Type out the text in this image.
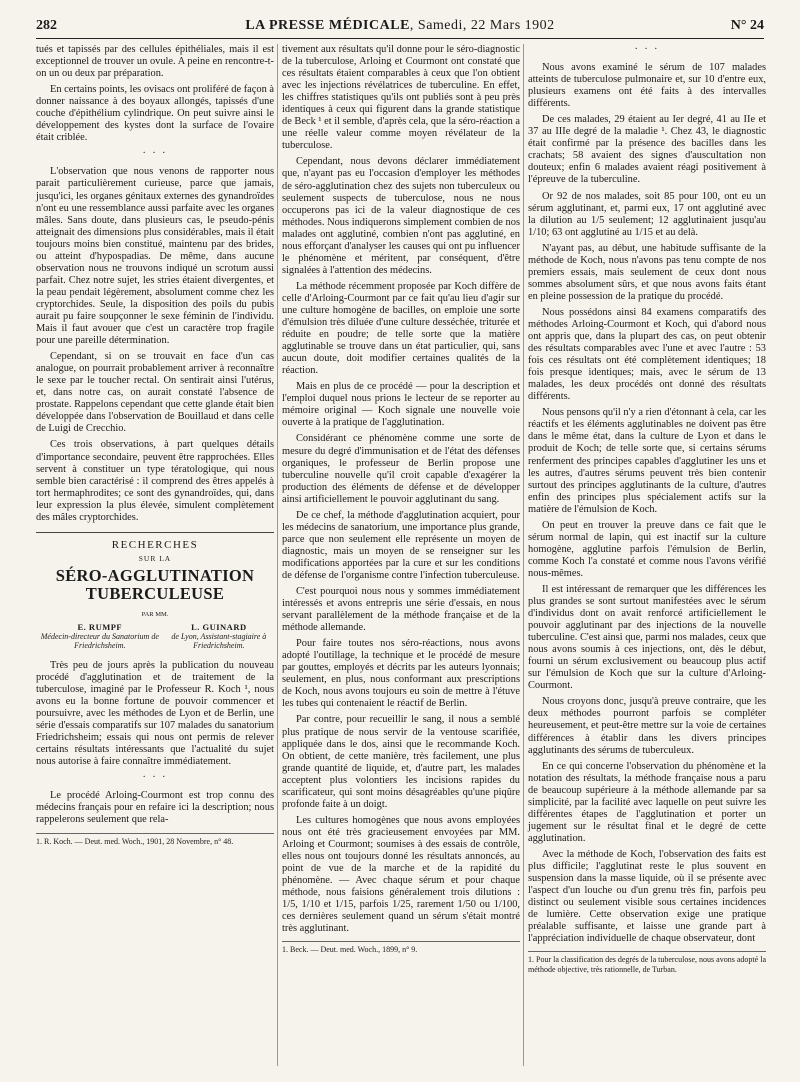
282	LA PRESSE MÉDICALE, Samedi, 22 Mars 1902	N° 24

tués et tapissés par des cellules épithéliales, mais il est exceptionnel de trouver un ovule. A peine en rencontre-t-on un ou deux par préparation.

En certains points, les ovisacs ont proliféré de façon à donner naissance à des boyaux allongés, tapissés d'une couche d'épithélium cylindrique. On peut suivre ainsi le développement des kystes dont la surface de l'ovaire était criblée.

· · ·

L'observation que nous venons de rapporter nous parait particulièrement curieuse, parce que jamais, jusqu'ici, les organes génitaux externes des gynandroïdes n'ont eu une ressemblance aussi parfaite avec les organes mâles. Sans doute, dans plusieurs cas, le pseudo-pénis atteignait des dimensions plus considérables, mais il était toujours moins bien constitué, maintenu par des brides, ou atteint d'hypospadias. De même, dans aucune observation nous ne trouvons indiqué un scrotum aussi parfait. Chez notre sujet, les stries étaient divergentes, et la peau pendait légèrement, absolument comme chez les cryptorchides. Seule, la disposition des poils du pubis aurait pu faire soupçonner le sexe féminin de l'individu. Mais il faut avouer que c'est un caractère trop fragile pour une pareille détermination.

Cependant, si on se trouvait en face d'un cas analogue, on pourrait probablement arriver à reconnaître le sexe par le toucher rectal. On sentirait ainsi l'utérus, et, dans notre cas, on aurait constaté l'absence de prostate. Rappelons cependant que cette glande était bien développée dans l'observation de Bouillaud et dans celle de Luigi de Crecchio.

Ces trois observations, à part quelques détails d'importance secondaire, peuvent être rapprochées. Elles servent à constituer un type tératologique, qui nous semble bien caractérisé : il comprend des êtres appelés à tort hermaphrodites; ce sont des gynandroïdes, qui, dans leur expression la plus élevée, simulent complètement des mâles cryptorchides.

RECHERCHES
SUR LA
SÉRO-AGGLUTINATION TUBERCULEUSE
PAR MM.
E. RUMPF
Médecin-directeur du Sanatorium de Friedrichsheim.
L. GUINARD
de Lyon, Assistant-stagiaire à Friedrichsheim.

Très peu de jours après la publication du nouveau procédé d'agglutination et de traitement de la tuberculose, imaginé par le Professeur R. Koch ¹, nous avons eu la bonne fortune de pouvoir commencer et poursuivre, avec les méthodes de Lyon et de Berlin, une série d'essais comparatifs sur 107 malades du sanatorium Friedrichsheim; essais qui nous ont permis de relever certains résultats intéressants que l'actualité du sujet nous autorise à faire connaître immédiatement.

· · ·

Le procédé Arloing-Courmont est trop connu des médecins français pour en refaire ici la description; nous rappelerons seulement que rela-

1. R. Koch. — Deut. med. Woch., 1901, 28 Novembre, n° 48.

tivement aux résultats qu'il donne pour le séro-diagnostic de la tuberculose, Arloing et Courmont ont constaté que ces résultats étaient comparables à ceux que l'on obtient avec les injections révélatrices de tuberculine. En effet, les chiffres statistiques qu'ils ont publiés sont à peu près identiques à ceux qui figurent dans la grande statistique de Beck ¹ et il semble, d'après cela, que la séro-réaction a une réelle valeur comme moyen révélateur de la tuberculose.

Cependant, nous devons déclarer immédiatement que, n'ayant pas eu l'occasion d'employer les méthodes de séro-agglutination chez des sujets non tuberculeux ou seulement suspects de tuberculose, nous ne nous occuperons pas ici de la valeur diagnostique de ces méthodes. Nous indiquerons simplement combien de nos malades ont agglutiné, combien n'ont pas agglutiné, en nous efforçant d'analyser les causes qui ont pu influencer le phénomène et méritent, par conséquent, d'être signalées à l'attention des médecins.

La méthode récemment proposée par Koch diffère de celle d'Arloing-Courmont par ce fait qu'au lieu d'agir sur une culture homogène de bacilles, on emploie une sorte d'émulsion très diluée d'une culture desséchée, triturée et réduite en poudre; de telle sorte que la matière agglutinable se trouve dans un état particulier, qui, sans aucun doute, doit modifier certaines qualités de la réaction.

Mais en plus de ce procédé — pour la description et l'emploi duquel nous prions le lecteur de se reporter au mémoire original — Koch signale une nouvelle voie ouverte à la pratique de l'agglutination.

Considérant ce phénomène comme une sorte de mesure du degré d'immunisation et de l'état des défenses organiques, le professeur de Berlin propose une tuberculine nouvelle qu'il croit capable d'exagérer la production des éléments de défense et de développer ainsi artificiellement le pouvoir agglutinant du sang.

De ce chef, la méthode d'agglutination acquiert, pour les médecins de sanatorium, une importance plus grande, parce que non seulement elle représente un moyen de diagnostic, mais un moyen de se renseigner sur les modifications apportées par la cure et sur les conditions de défense de l'organisme contre l'infection tuberculeuse.

C'est pourquoi nous nous y sommes immédiatement intéressés et avons entrepris une série d'essais, en nous servant parallèlement de la méthode française et de la méthode allemande.

Pour faire toutes nos séro-réactions, nous avons adopté l'outillage, la technique et le procédé de mesure par gouttes, employés et décrits par les auteurs lyonnais; seulement, en plus, nous conformant aux prescriptions de Koch, nous avons toujours eu soin de mettre à l'étuve les tubes qui contenaient le réactif de Berlin.

Par contre, pour recueillir le sang, il nous a semblé plus pratique de nous servir de la ventouse scarifiée, appliquée dans le dos, ainsi que le recommande Koch. On obtient, de cette manière, très facilement, une plus grande quantité de liquide, et, d'autre part, les malades acceptent plus volontiers les incisions rapides du scarificateur, qui sont moins désagréables qu'une piqûre profonde faite à un doigt.

Les cultures homogènes que nous avons employées nous ont été très gracieusement envoyées par MM. Arloing et Courmont; soumises à des essais de contrôle, elles nous ont toujours donné les résultats annoncés, au point de vue de la marche et de la rapidité du phénomène. — Avec chaque sérum et pour chaque méthode, nous faisions généralement trois dilutions : 1/5, 1/10 et 1/15, parfois 1/25, rarement 1/50 ou 1/100, ces dernières seulement quand un sérum s'était montré très agglutinant.

1. Beck. — Deut. med. Woch., 1899, n° 9.

· · ·

Nous avons examiné le sérum de 107 malades atteints de tuberculose pulmonaire et, sur 10 d'entre eux, plusieurs examens ont été faits à des intervalles différents.

De ces malades, 29 étaient au Ier degré, 41 au IIe et 37 au IIIe degré de la maladie ¹. Chez 43, le diagnostic était confirmé par la présence des bacilles dans les crachats; 58 avaient des signes d'auscultation non douteux; enfin 6 malades avaient réagi positivement à l'épreuve de la tuberculine.

Or 92 de nos malades, soit 85 pour 100, ont eu un sérum agglutinant, et, parmi eux, 17 ont agglutiné avec la dilution au 1/5 seulement; 12 agglutinaient jusqu'au 1/10; 63 ont agglutiné au 1/15 et au delà.

N'ayant pas, au début, une habitude suffisante de la méthode de Koch, nous n'avons pas tenu compte de nos premiers essais, mais seulement de ceux dont nous sommes absolument sûrs, et que nous avons faits étant en pleine possession de la pratique du procédé.

Nous possédons ainsi 84 examens comparatifs des méthodes Arloing-Courmont et Koch, qui d'abord nous ont appris que, dans la plupart des cas, on peut obtenir des résultats comparables avec l'une et avec l'autre : 53 fois ces résultats ont été complètement identiques; 18 fois presque identiques; mais, avec le sérum de 13 malades, les deux procédés ont donné des résultats différents.

Nous pensons qu'il n'y a rien d'étonnant à cela, car les réactifs et les éléments agglutinables ne doivent pas être dans le même état, dans la culture de Lyon et dans le produit de Koch; de telle sorte que, si certains sérums renferment des principes capables d'agglutiner les uns et les autres, d'autres sérums peuvent très bien contenir surtout des principes agglutinants de la culture, d'autres enfin des principes plus spécialement actifs sur la matière de l'émulsion de Koch.

On peut en trouver la preuve dans ce fait que le sérum normal de lapin, qui est inactif sur la culture homogène, agglutine parfois l'émulsion de Berlin, comme Koch l'a constaté et comme nous l'avons vérifié nous-mêmes.

Il est intéressant de remarquer que les différences les plus grandes se sont surtout manifestées avec le sérum d'individus dont on avait renforcé artificiellement le pouvoir agglutinant par des injections de la nouvelle tuberculine. C'est ainsi que, parmi nos malades, ceux que nous avons soumis à ces injections, ont, dès le début, fourni un sérum exclusivement ou beaucoup plus actif sur l'émulsion de Koch que sur la culture d'Arloing-Courmont.

Nous croyons donc, jusqu'à preuve contraire, que les deux méthodes pourront parfois se compléter heureusement, et peut-être mettre sur la voie de certaines différences à établir dans les divers principes agglutinants des sérums de tuberculeux.

En ce qui concerne l'observation du phénomène et la notation des résultats, la méthode française nous a paru de beaucoup supérieure à la méthode allemande par sa simplicité, par la facilité avec laquelle on peut suivre les différentes étapes de l'agglutination et porter un jugement sur le résultat final et le degré de cette agglutination.

Avec la méthode de Koch, l'observation des faits est plus difficile; l'agglutinat reste le plus souvent en suspension dans la masse liquide, où il se présente avec l'aspect d'un louche ou d'un grenu très fin, parfois peu distinct ou seulement visible sous certaines incidences de lumière. Cette observation exige une pratique préalable suffisante, et laisse une grande part à l'appréciation individuelle de chaque observateur, dont

1. Pour la classification des degrés de la tuberculose, nous avons adopté la méthode objective, très rationnelle, de Turban.
